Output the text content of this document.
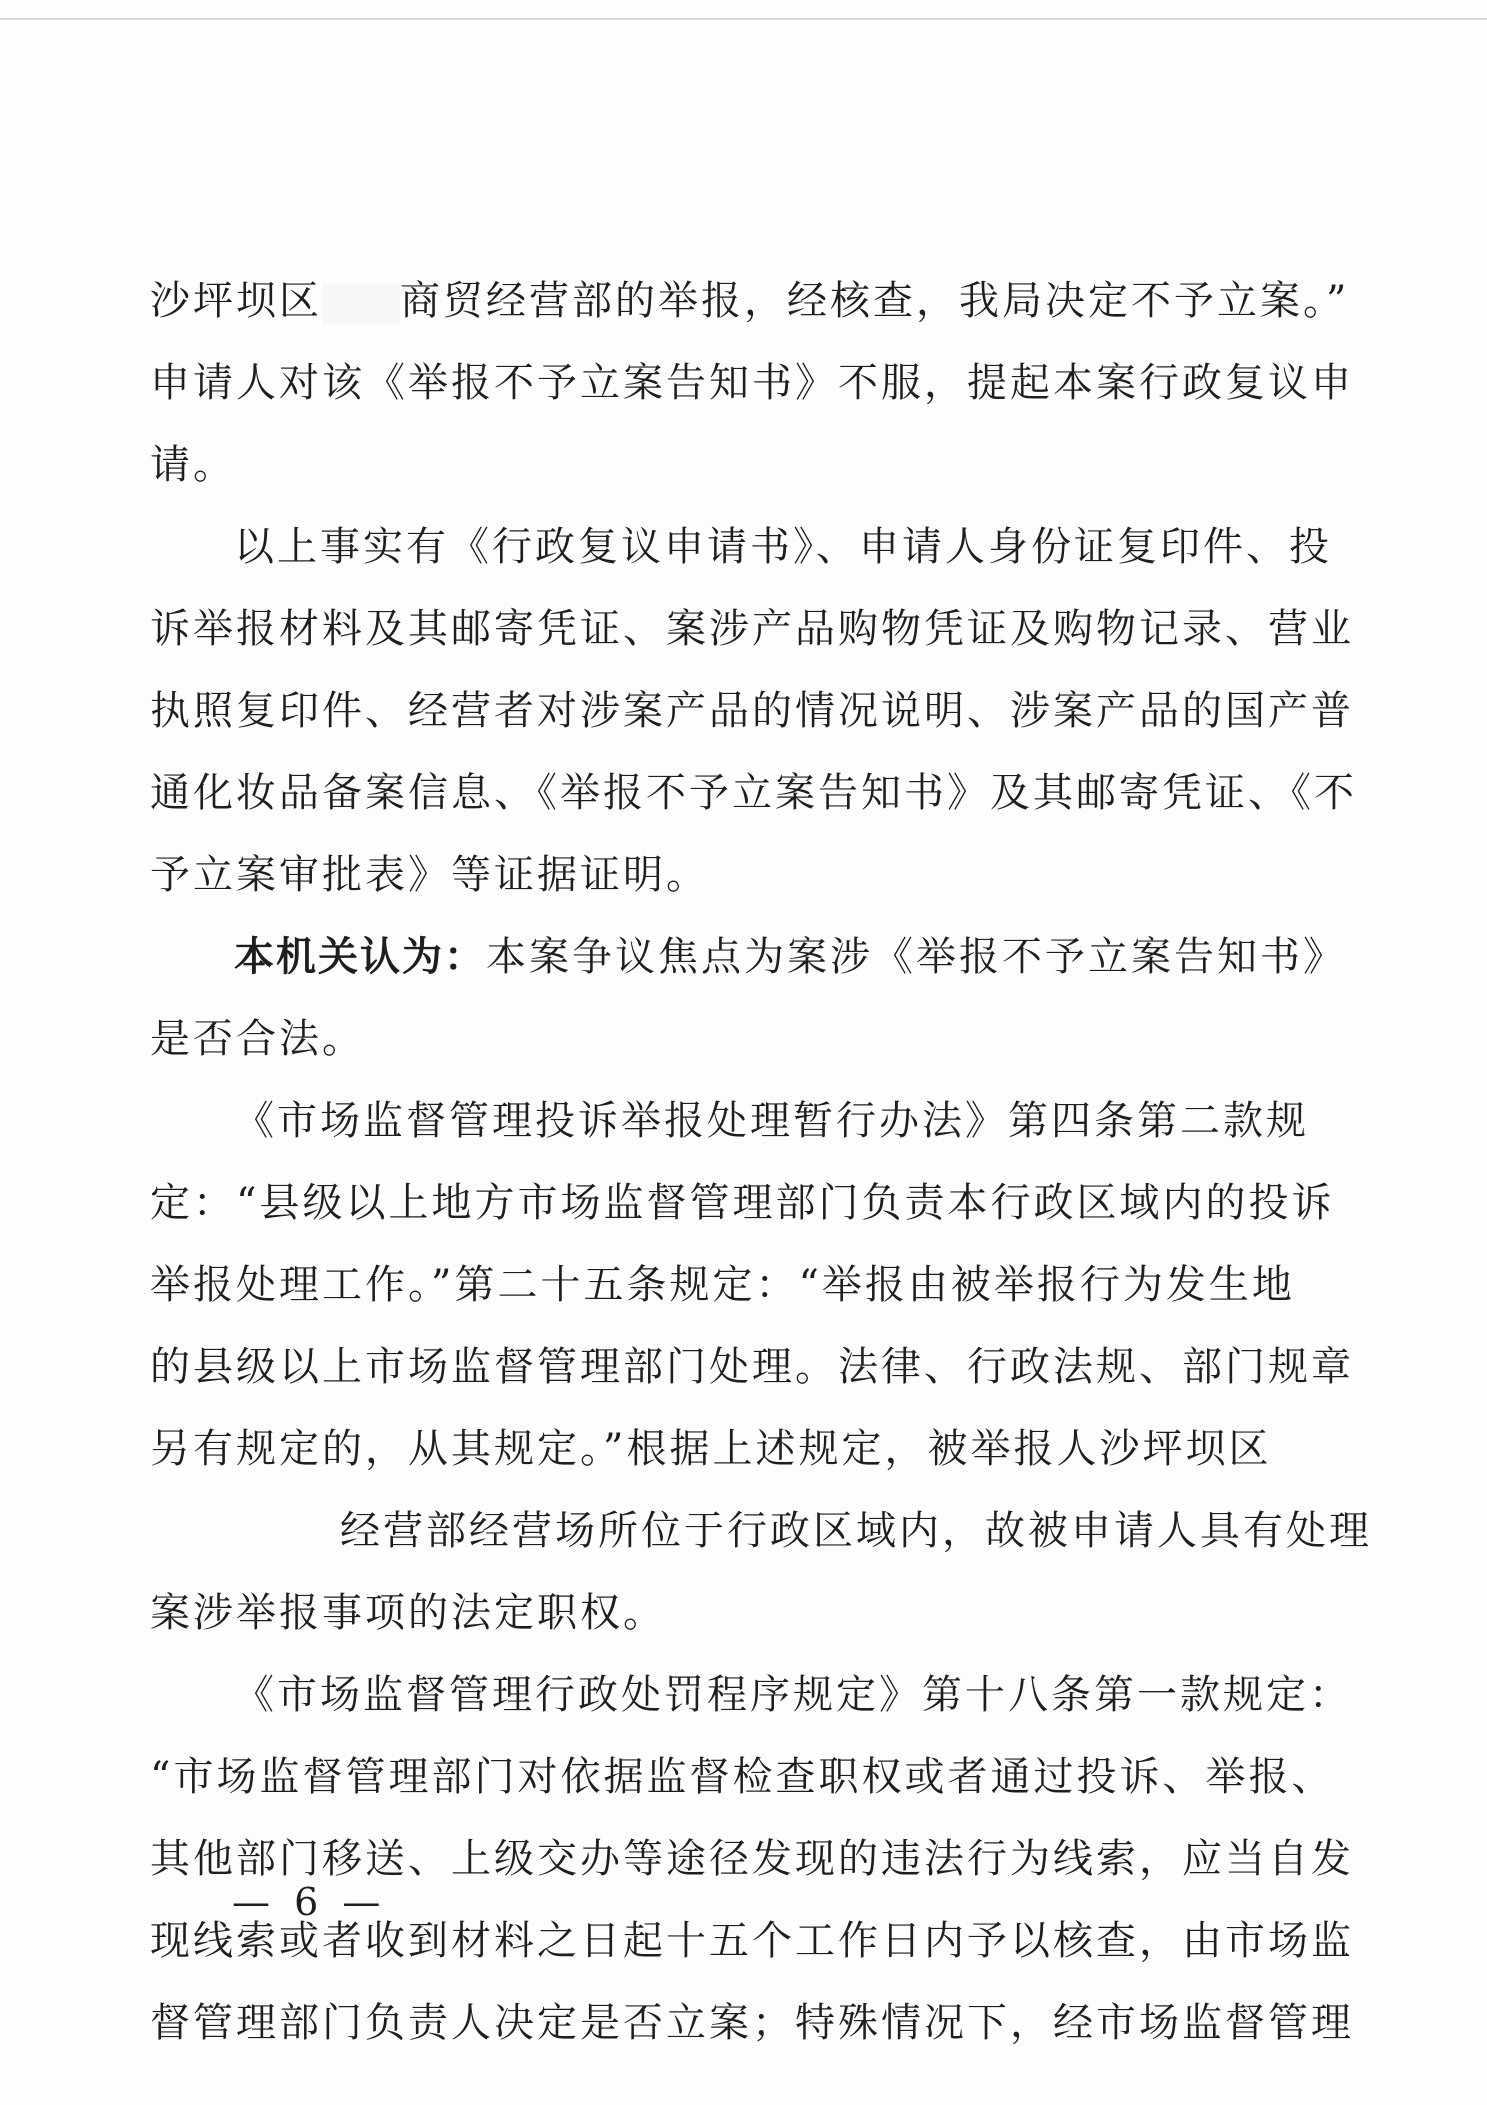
沙坪坝区 商贸经营部的举报，经核查，我局决定不予立案。”

申请人对该《举报不予立案告知书》不服，提起本案行政复议申

请。

以上事实有《行政复议申请书》、申请人身份证复印件、投

诉举报材料及其邮寄凭证、案涉产品购物凭证及购物记录、营业

执照复印件、经营者对涉案产品的情况说明、涉案产品的国产普

通化妆品备案信息、《举报不予立案告知书》及其邮寄凭证、《不

予立案审批表》等证据证明。

本机关认为：本案争议焦点为案涉《举报不予立案告知书》

是否合法。

《市场监督管理投诉举报处理暂行办法》第四条第二款规

定：“县级以上地方市场监督管理部门负责本行政区域内的投诉

举报处理工作。”第二十五条规定：“举报由被举报行为发生地

的县级以上市场监督管理部门处理。法律、行政法规、部门规章

另有规定的，从其规定。”根据上述规定，被举报人沙坪坝区

经营部经营场所位于行政区域内，故被申请人具有处理

案涉举报事项的法定职权。

《市场监督管理行政处罚程序规定》第十八条第一款规定：

“市场监督管理部门对依据监督检查职权或者通过投诉、举报、

其他部门移送、上级交办等途径发现的违法行为线索，应当自发

现线索或者收到材料之日起十五个工作日内予以核查，由市场监

督管理部门负责人决定是否立案；特殊情况下，经市场监督管理

— 6 —
